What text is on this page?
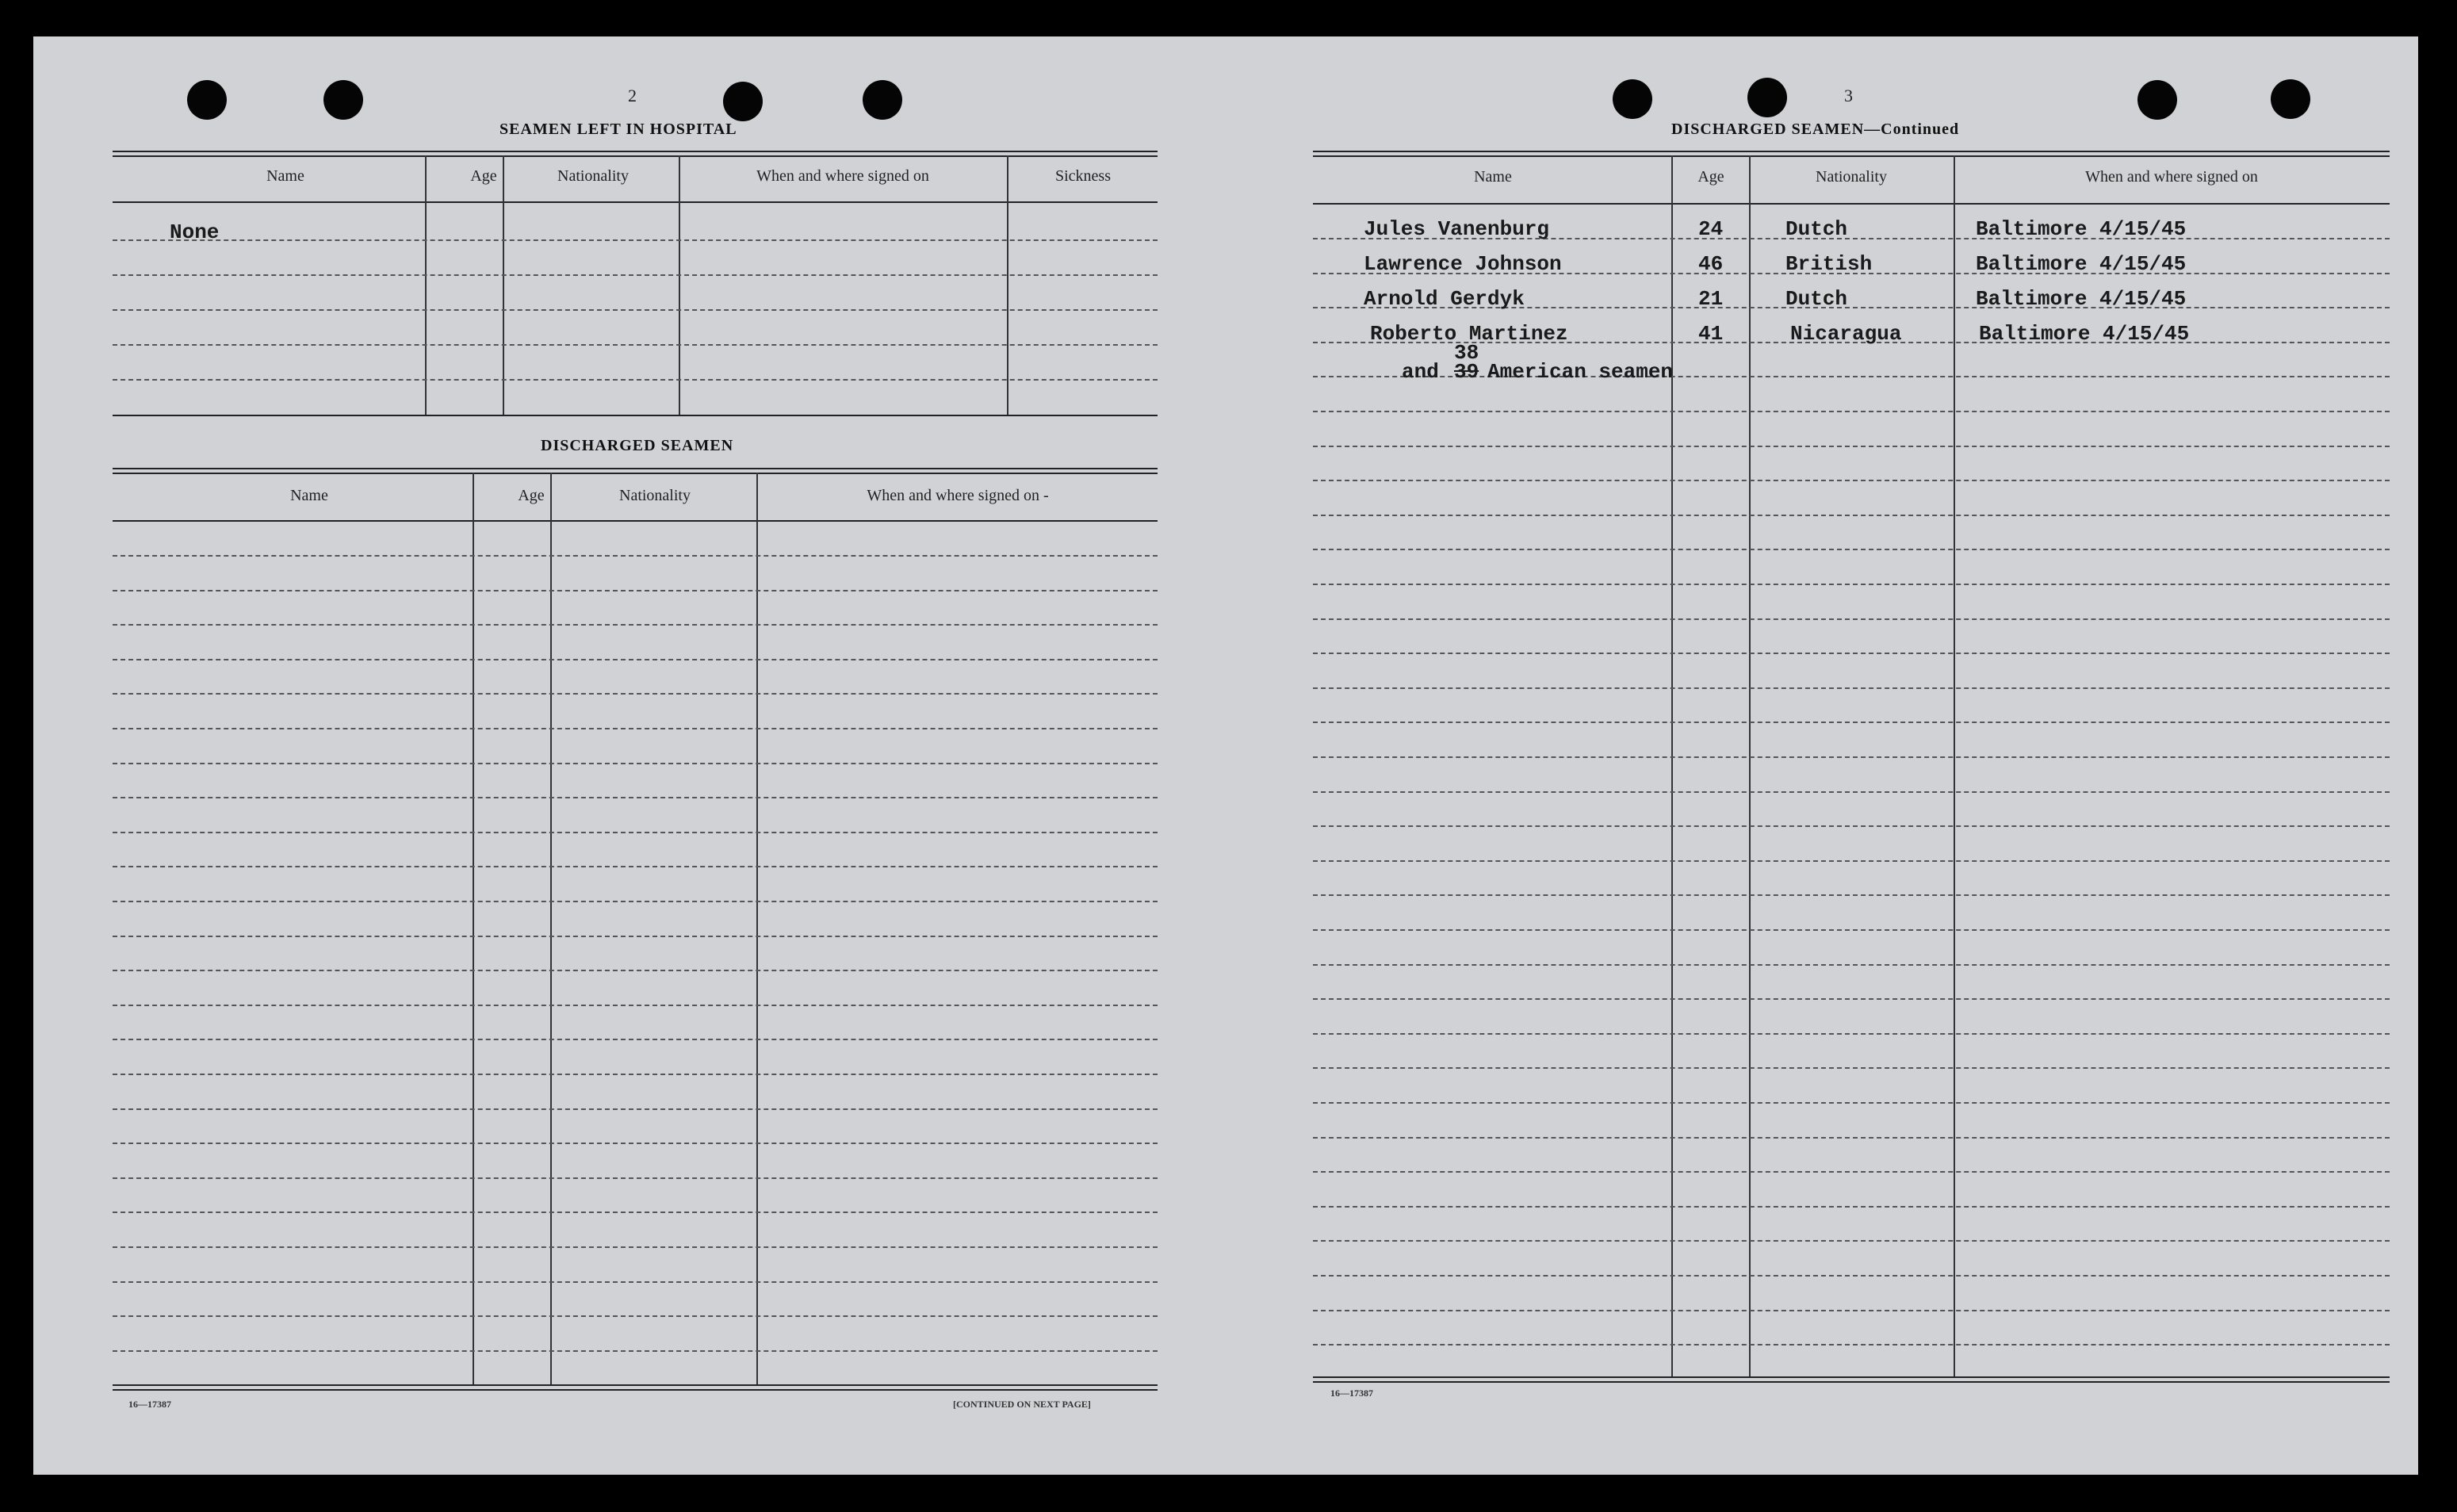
2
SEAMEN LEFT IN HOSPITAL
Name	Age	Nationality	When and where signed on	Sickness
None
DISCHARGED SEAMEN
Name	Age	Nationality	When and where signed on -
16—17387	[CONTINUED ON NEXT PAGE]
3
DISCHARGED SEAMEN—Continued
Name	Age	Nationality	When and where signed on
Jules Vanenburg	24	Dutch	Baltimore 4/15/45
Lawrence Johnson	46	British	Baltimore 4/15/45
Arnold Gerdyk	21	Dutch	Baltimore 4/15/45
Roberto Martinez	41	Nicaragua	Baltimore 4/15/45
38
and 39 American seamen
16—17387
